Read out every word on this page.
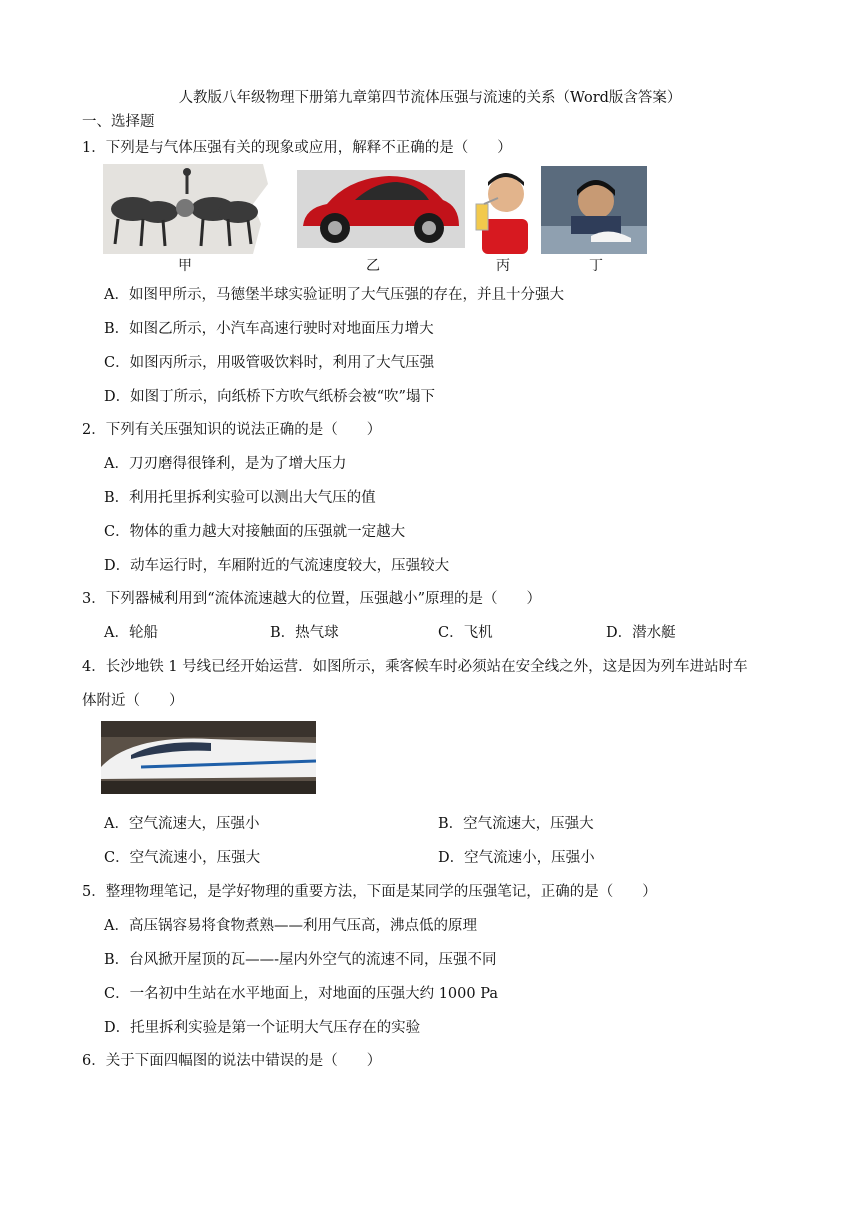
人教版八年级物理下册第九章第四节流体压强与流速的关系（Word版含答案）
一、选择题
1．下列是与气体压强有关的现象或应用，解释不正确的是（　　）
甲	乙	丙	丁
A．如图甲所示，马德堡半球实验证明了大气压强的存在，并且十分强大
B．如图乙所示，小汽车高速行驶时对地面压力增大
C．如图丙所示，用吸管吸饮料时，利用了大气压强
D．如图丁所示，向纸桥下方吹气纸桥会被“吹”塌下
2．下列有关压强知识的说法正确的是（　　）
A．刀刃磨得很锋利，是为了增大压力
B．利用托里拆利实验可以测出大气压的值
C．物体的重力越大对接触面的压强就一定越大
D．动车运行时，车厢附近的气流速度较大，压强较大
3．下列器械利用到“流体流速越大的位置，压强越小”原理的是（　　）
A．轮船	B．热气球	C．飞机	D．潜水艇
4．长沙地铁 1 号线已经开始运营．如图所示，乘客候车时必须站在安全线之外，这是因为列车进站时车
体附近（　　）
A．空气流速大，压强小	B．空气流速大，压强大
C．空气流速小，压强大	D．空气流速小，压强小
5．整理物理笔记，是学好物理的重要方法，下面是某同学的压强笔记，正确的是（　　）
A．高压锅容易将食物煮熟——利用气压高，沸点低的原理
B．台风掀开屋顶的瓦——-屋内外空气的流速不同，压强不同
C．一名初中生站在水平地面上，对地面的压强大约 1000 Pa
D．托里拆利实验是第一个证明大气压存在的实验
6．关于下面四幅图的说法中错误的是（　　）
